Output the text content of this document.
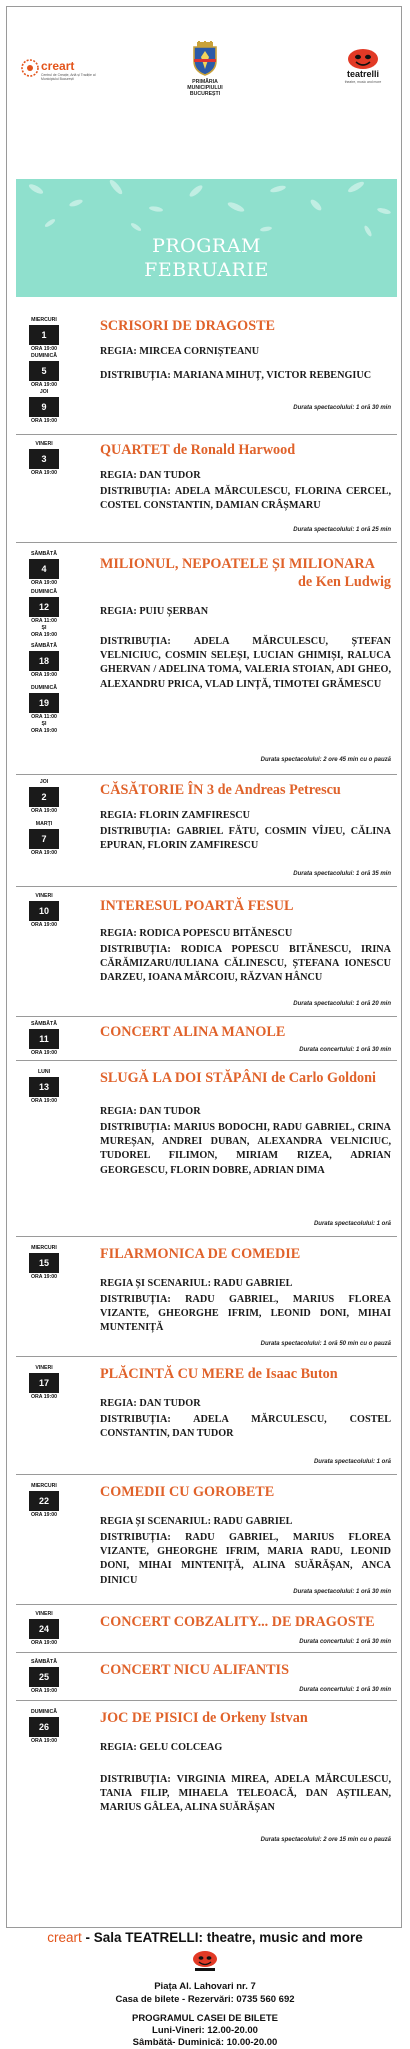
creart
Centrul de Creație, Artă și Tradiție al Municipiului București	PRIMĂRIA
MUNICIPIULUI
BUCUREȘTI
teatrelli
theatre, music and more
PROGRAM
FEBRUARIE
SCRISORI DE DRAGOSTE
REGIA: MIRCEA CORNIȘTEANU
DISTRIBUȚIA: MARIANA MIHUȚ, VICTOR REBENGIUC
Durata spectacolului: 1 oră 30 min
MIERCURI
1
ORA 19:00
DUMINICĂ
5
ORA 19:00
JOI
9
ORA 19:00
QUARTET de Ronald Harwood
REGIA: DAN TUDOR
DISTRIBUȚIA: ADELA MĂRCULESCU, FLORINA CERCEL, COSTEL CONSTANTIN, DAMIAN CRÂȘMARU
Durata spectacolului: 1 oră 25 min
VINERI
3
ORA 19:00
MILIONUL, NEPOATELE ȘI MILIONARA
de Ken Ludwig
REGIA: PUIU ȘERBAN
DISTRIBUȚIA: ADELA MĂRCULESCU, ȘTEFAN VELNICIUC, COSMIN SELEȘI, LUCIAN GHIMIȘI, RALUCA GHERVAN / ADELINA TOMA, VALERIA STOIAN, ADI GHEO, ALEXANDRU PRICA, VLAD LINȚĂ, TIMOTEI GRĂMESCU
Durata spectacolului: 2 ore 45 min cu o pauză
SÂMBĂTĂ
4
ORA 19:00
DUMINICĂ
12
ORA 11:00
ȘI
ORA 19:00
SÂMBĂTĂ
18
ORA 19:00
DUMINICĂ
19
ORA 11:00
ȘI
ORA 19:00
CĂSĂTORIE ÎN 3 de Andreas Petrescu
REGIA: FLORIN ZAMFIRESCU
DISTRIBUȚIA: GABRIEL FĂTU, COSMIN VÎJEU, CĂLINA EPURAN, FLORIN ZAMFIRESCU
Durata spectacolului: 1 oră 35 min
JOI
2
ORA 19:00
MARȚI
7
ORA 19:00
INTERESUL POARTĂ FESUL
REGIA: RODICA POPESCU BITĂNESCU
DISTRIBUȚIA: RODICA POPESCU BITĂNESCU, IRINA CĂRĂMIZARU/IULIANA CĂLINESCU, ȘTEFANA IONESCU DARZEU, IOANA MĂRCOIU, RĂZVAN HÂNCU
Durata spectacolului: 1 oră 20 min
VINERI
10
ORA 19:00
CONCERT ALINA MANOLE
Durata concertului: 1 oră 30 min
SÂMBĂTĂ
11
ORA 19:00
SLUGĂ LA DOI STĂPÂNI de Carlo Goldoni
REGIA: DAN TUDOR
DISTRIBUȚIA: MARIUS BODOCHI, RADU GABRIEL, CRINA MUREȘAN, ANDREI DUBAN, ALEXANDRA VELNICIUC, TUDOREL FILIMON, MIRIAM RIZEA, ADRIAN GEORGESCU, FLORIN DOBRE, ADRIAN DIMA
Durata spectacolului: 1 oră
LUNI
13
ORA 19:00
FILARMONICA DE COMEDIE
REGIA ȘI SCENARIUL: RADU GABRIEL
DISTRIBUȚIA: RADU GABRIEL, MARIUS FLOREA VIZANTE, GHEORGHE IFRIM, LEONID DONI, MIHAI MUNTENIȚĂ
Durata spectacolului: 1 oră 50 min cu o pauză
MIERCURI
15
ORA 19:00
PLĂCINTĂ CU MERE de Isaac Buton
REGIA: DAN TUDOR
DISTRIBUȚIA: ADELA MĂRCULESCU, COSTEL CONSTANTIN, DAN TUDOR
Durata spectacolului: 1 oră
VINERI
17
ORA 19:00
COMEDII CU GOROBETE
REGIA ȘI SCENARIUL: RADU GABRIEL
DISTRIBUȚIA: RADU GABRIEL, MARIUS FLOREA VIZANTE, GHEORGHE IFRIM, MARIA RADU, LEONID DONI, MIHAI MINTENIȚĂ, ALINA SUĂRĂȘAN, ANCA DINICU
Durata spectacolului: 1 oră 30 min
MIERCURI
22
ORA 19:00
CONCERT COBZALITY... DE DRAGOSTE
Durata concertului: 1 oră 30 min
VINERI
24
ORA 19:00
CONCERT NICU ALIFANTIS
Durata concertului: 1 oră 30 min
SÂMBĂTĂ
25
ORA 19:00
JOC DE PISICI de Orkeny Istvan
REGIA: GELU COLCEAG
DISTRIBUȚIA: VIRGINIA MIREA, ADELA MĂRCULESCU, TANIA FILIP, MIHAELA TELEOACĂ, DAN AȘTILEAN, MARIUS GÂLEA, ALINA SUĂRĂȘAN
Durata spectacolului: 2 ore 15 min cu o pauză
DUMINICĂ
26
ORA 19:00
creart - Sala TEATRELLI: theatre, music and more
Piața Al. Lahovari nr. 7
Casa de bilete - Rezervări: 0735 560 692
PROGRAMUL CASEI DE BILETE
Luni-Vineri: 12.00-20.00
Sâmbătă- Duminică: 10.00-20.00
